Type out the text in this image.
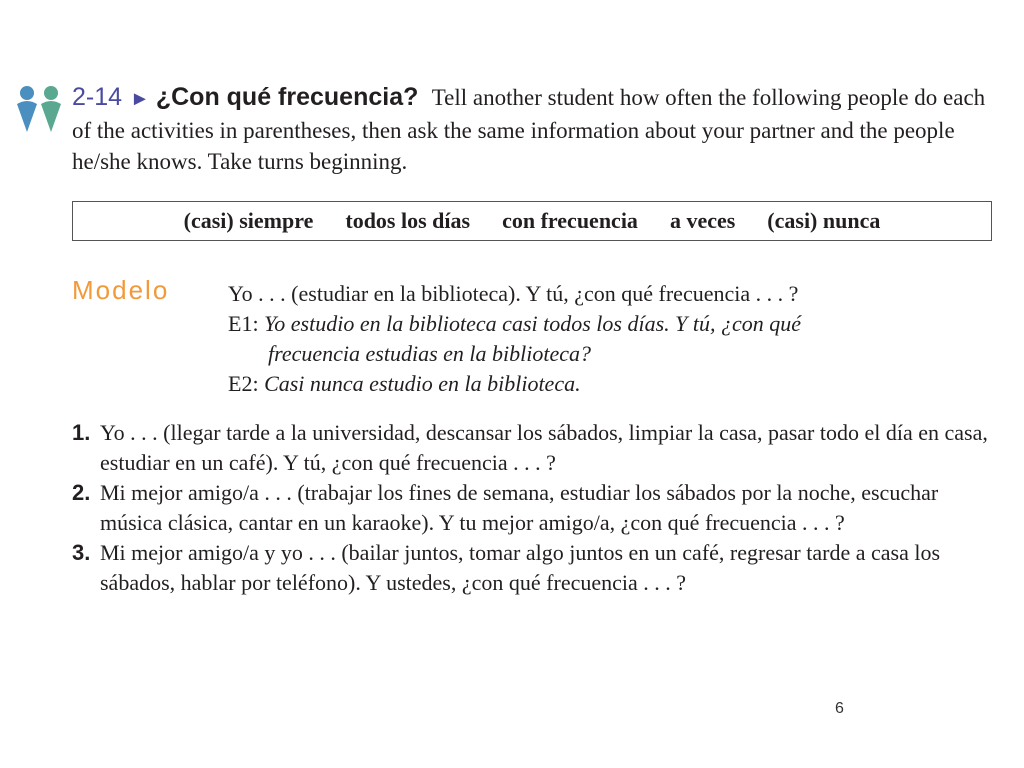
2-14 ► ¿Con qué frecuencia? Tell another student how often the following people do each of the activities in parentheses, then ask the same information about your partner and the people he/she knows. Take turns beginning.
(casi) siempre todos los días con frecuencia a veces (casi) nunca
Modelo	Yo . . . (estudiar en la biblioteca). Y tú, ¿con qué frecuencia . . . ?
E1: Yo estudio en la biblioteca casi todos los días. Y tú, ¿con qué
frecuencia estudias en la biblioteca?
E2: Casi nunca estudio en la biblioteca.
1. Yo . . . (llegar tarde a la universidad, descansar los sábados, limpiar la casa, pasar todo el día en casa, estudiar en un café). Y tú, ¿con qué frecuencia . . . ?
2. Mi mejor amigo/a . . . (trabajar los fines de semana, estudiar los sábados por la noche, escuchar música clásica, cantar en un karaoke). Y tu mejor amigo/a, ¿con qué frecuencia . . . ?
3. Mi mejor amigo/a y yo . . . (bailar juntos, tomar algo juntos en un café, regresar tarde a casa los sábados, hablar por teléfono). Y ustedes, ¿con qué frecuencia . . . ?
6
